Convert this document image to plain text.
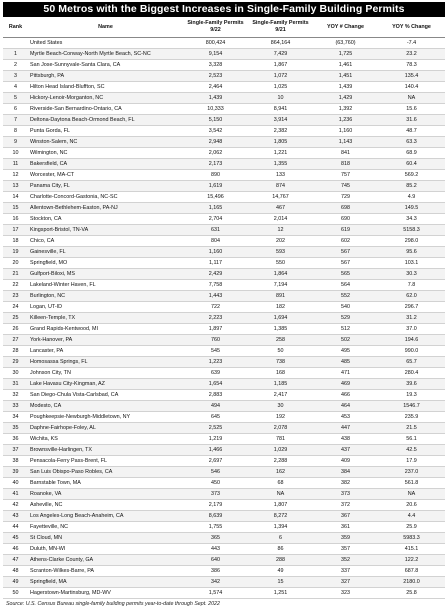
50 Metros with the Biggest Increases in Single-Family Building Permits
Rank	Name	Single-Family Permits 9/22	Single-Family Permits 9/21	YOY # Change	YOY % Change
	United States	800,424	864,164	(63,760)	-7.4
1	Myrtle Beach-Conway-North Myrtle Beach, SC-NC	9,154	7,429	1,725	23.2
2	San Jose-Sunnyvale-Santa Clara, CA	3,328	1,867	1,461	78.3
3	Pittsburgh, PA	2,523	1,072	1,451	135.4
4	Hilton Head Island-Bluffton, SC	2,464	1,025	1,439	140.4
5	Hickory-Lenoir-Morganton, NC	1,439	10	1,429	NA
6	Riverside-San Bernardino-Ontario, CA	10,333	8,941	1,392	15.6
7	Deltona-Daytona Beach-Ormond Beach, FL	5,150	3,914	1,236	31.6
8	Punta Gorda, FL	3,542	2,382	1,160	48.7
9	Winston-Salem, NC	2,948	1,805	1,143	63.3
10	Wilmington, NC	2,062	1,221	841	68.9
11	Bakersfield, CA	2,173	1,355	818	60.4
12	Worcester, MA-CT	890	133	757	569.2
13	Panama City, FL	1,619	874	745	85.2
14	Charlotte-Concord-Gastonia, NC-SC	15,496	14,767	729	4.9
15	Allentown-Bethlehem-Easton, PA-NJ	1,165	467	698	149.5
16	Stockton, CA	2,704	2,014	690	34.3
17	Kingsport-Bristol, TN-VA	631	12	619	5158.3
18	Chico, CA	804	202	602	298.0
19	Gainesville, FL	1,160	593	567	95.6
20	Springfield, MO	1,117	550	567	103.1
21	Gulfport-Biloxi, MS	2,429	1,864	565	30.3
22	Lakeland-Winter Haven, FL	7,758	7,194	564	7.8
23	Burlington, NC	1,443	891	552	62.0
24	Logan, UT-ID	722	182	540	296.7
25	Killeen-Temple, TX	2,223	1,694	529	31.2
26	Grand Rapids-Kentwood, MI	1,897	1,385	512	37.0
27	York-Hanover, PA	760	258	502	194.6
28	Lancaster, PA	545	50	495	990.0
29	Homosassa Springs, FL	1,223	738	485	65.7
30	Johnson City, TN	639	168	471	280.4
31	Lake Havasu City-Kingman, AZ	1,654	1,185	469	39.6
32	San Diego-Chula Vista-Carlsbad, CA	2,883	2,417	466	19.3
33	Modesto, CA	494	30	464	1546.7
34	Poughkeepsie-Newburgh-Middletown, NY	645	192	453	235.9
35	Daphne-Fairhope-Foley, AL	2,525	2,078	447	21.5
36	Wichita, KS	1,219	781	438	56.1
37	Brownsville-Harlingen, TX	1,466	1,029	437	42.5
38	Pensacola-Ferry Pass-Brent, FL	2,697	2,288	409	17.9
39	San Luis Obispo-Paso Robles, CA	546	162	384	237.0
40	Barnstable Town, MA	450	68	382	561.8
41	Roanoke, VA	373	NA	373	NA
42	Asheville, NC	2,179	1,807	372	20.6
43	Los Angeles-Long Beach-Anaheim, CA	8,639	8,272	367	4.4
44	Fayetteville, NC	1,755	1,394	361	25.9
45	St Cloud, MN	365	6	359	5983.3
46	Duluth, MN-WI	443	86	357	415.1
47	Athens-Clarke County, GA	640	288	352	122.2
48	Scranton-Wilkes-Barre, PA	386	49	337	687.8
49	Springfield, MA	342	15	327	2180.0
50	Hagerstown-Martinsburg, MD-WV	1,574	1,251	323	25.8
Source: U.S. Census Bureau single-family building permits year-to-date through Sept. 2022
